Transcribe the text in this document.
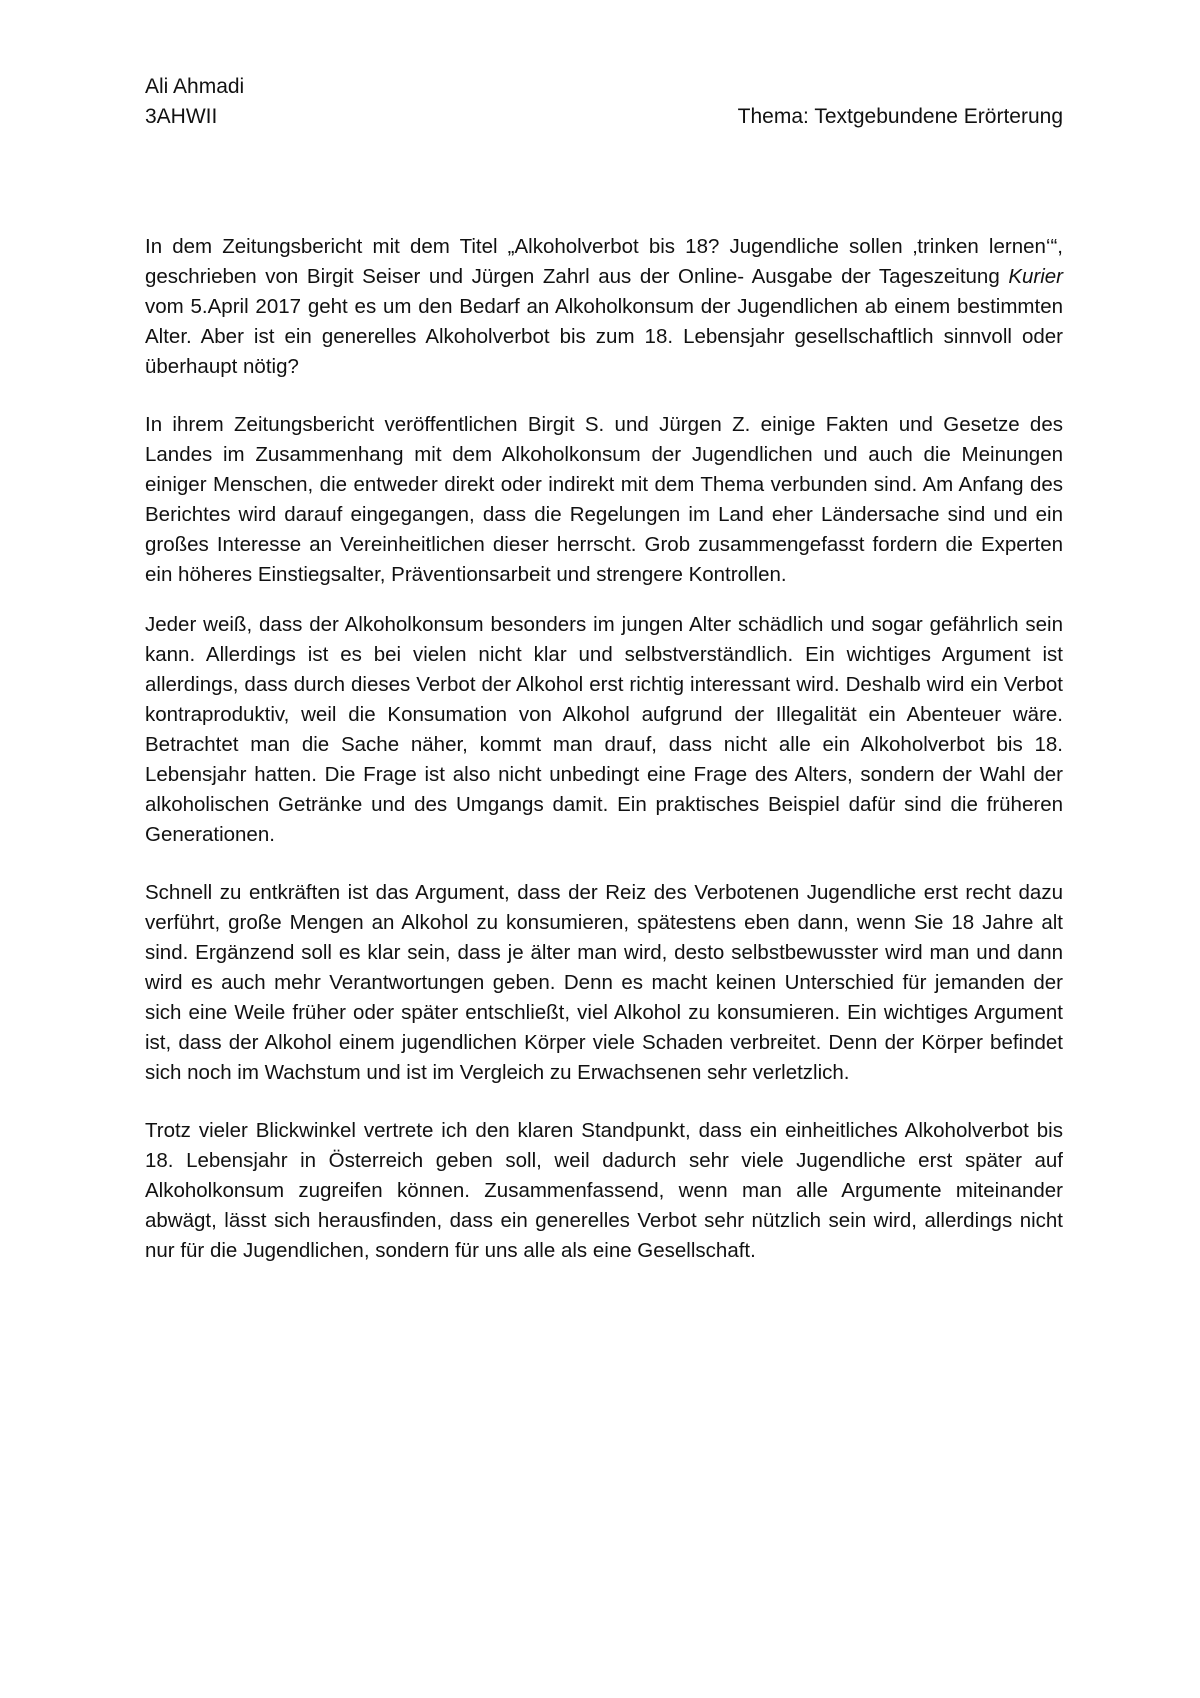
Ali Ahmadi
3AHWII	Thema: Textgebundene Erörterung

In dem Zeitungsbericht mit dem Titel „Alkoholverbot bis 18? Jugendliche sollen ‚trinken lernen‘“, geschrieben von Birgit Seiser und Jürgen Zahrl aus der Online- Ausgabe der Tageszeitung Kurier vom 5.April 2017 geht es um den Bedarf an Alkoholkonsum der Jugendlichen ab einem bestimmten Alter. Aber ist ein generelles Alkoholverbot bis zum 18. Lebensjahr gesellschaftlich sinnvoll oder überhaupt nötig?

In ihrem Zeitungsbericht veröffentlichen Birgit S. und Jürgen Z. einige Fakten und Gesetze des Landes im Zusammenhang mit dem Alkoholkonsum der Jugendlichen und auch die Meinungen einiger Menschen, die entweder direkt oder indirekt mit dem Thema verbunden sind. Am Anfang des Berichtes wird darauf eingegangen, dass die Regelungen im Land eher Ländersache sind und ein großes Interesse an Vereinheitlichen dieser herrscht. Grob zusammengefasst fordern die Experten ein höheres Einstiegsalter, Präventionsarbeit und strengere Kontrollen.

Jeder weiß, dass der Alkoholkonsum besonders im jungen Alter schädlich und sogar gefährlich sein kann. Allerdings ist es bei vielen nicht klar und selbstverständlich. Ein wichtiges Argument ist allerdings, dass durch dieses Verbot der Alkohol erst richtig interessant wird. Deshalb wird ein Verbot kontraproduktiv, weil die Konsumation von Alkohol aufgrund der Illegalität ein Abenteuer wäre. Betrachtet man die Sache näher, kommt man drauf, dass nicht alle ein Alkoholverbot bis 18. Lebensjahr hatten. Die Frage ist also nicht unbedingt eine Frage des Alters, sondern der Wahl der alkoholischen Getränke und des Umgangs damit. Ein praktisches Beispiel dafür sind die früheren Generationen.

Schnell zu entkräften ist das Argument, dass der Reiz des Verbotenen Jugendliche erst recht dazu verführt, große Mengen an Alkohol zu konsumieren, spätestens eben dann, wenn Sie 18 Jahre alt sind. Ergänzend soll es klar sein, dass je älter man wird, desto selbstbewusster wird man und dann wird es auch mehr Verantwortungen geben. Denn es macht keinen Unterschied für jemanden der sich eine Weile früher oder später entschließt, viel Alkohol zu konsumieren. Ein wichtiges Argument ist, dass der Alkohol einem jugendlichen Körper viele Schaden verbreitet. Denn der Körper befindet sich noch im Wachstum und ist im Vergleich zu Erwachsenen sehr verletzlich.

Trotz vieler Blickwinkel vertrete ich den klaren Standpunkt, dass ein einheitliches Alkoholverbot bis 18. Lebensjahr in Österreich geben soll, weil dadurch sehr viele Jugendliche erst später auf Alkoholkonsum zugreifen können. Zusammenfassend, wenn man alle Argumente miteinander abwägt, lässt sich herausfinden, dass ein generelles Verbot sehr nützlich sein wird, allerdings nicht nur für die Jugendlichen, sondern für uns alle als eine Gesellschaft.
